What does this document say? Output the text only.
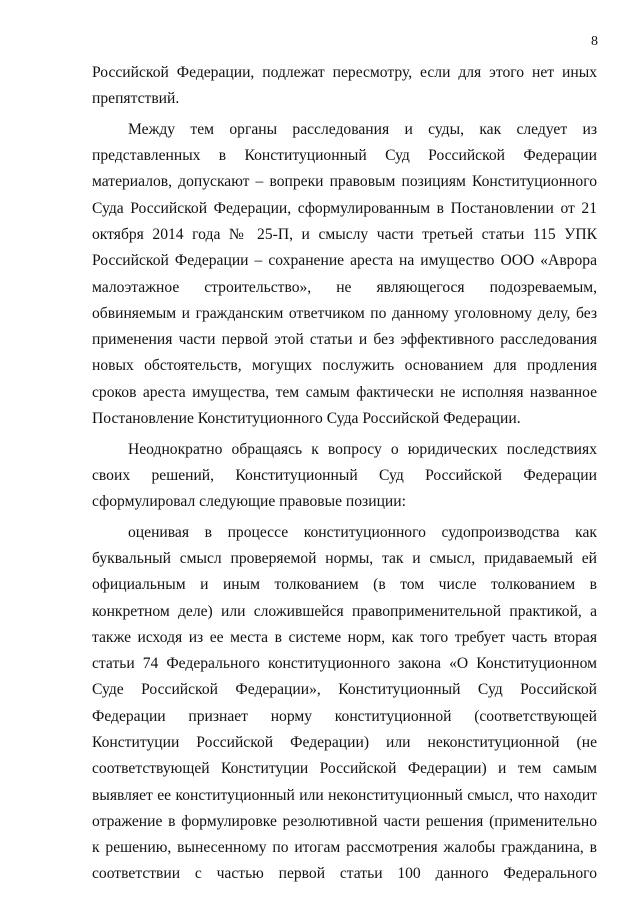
8
Российской Федерации, подлежат пересмотру, если для этого нет иных
препятствий.
Между тем органы расследования и суды, как следует из
представленных в Конституционный Суд Российской Федерации
материалов, допускают – вопреки правовым позициям Конституционного
Суда Российской Федерации, сформулированным в Постановлении от 21
октября 2014 года № 25-П, и смыслу части третьей статьи 115 УПК
Российской Федерации – сохранение ареста на имущество ООО «Аврора
малоэтажное строительство», не являющегося подозреваемым,
обвиняемым и гражданским ответчиком по данному уголовному делу, без
применения части первой этой статьи и без эффективного расследования
новых обстоятельств, могущих послужить основанием для продления
сроков ареста имущества, тем самым фактически не исполняя названное
Постановление Конституционного Суда Российской Федерации.
Неоднократно обращаясь к вопросу о юридических последствиях
своих решений, Конституционный Суд Российской Федерации
сформулировал следующие правовые позиции:
оценивая в процессе конституционного судопроизводства как
буквальный смысл проверяемой нормы, так и смысл, придаваемый ей
официальным и иным толкованием (в том числе толкованием в
конкретном деле) или сложившейся правоприменительной практикой, а
также исходя из ее места в системе норм, как того требует часть вторая
статьи 74 Федерального конституционного закона «О Конституционном
Суде Российской Федерации», Конституционный Суд Российской
Федерации признает норму конституционной (соответствующей
Конституции Российской Федерации) или неконституционной (не
соответствующей Конституции Российской Федерации) и тем самым
выявляет ее конституционный или неконституционный смысл, что находит
отражение в формулировке резолютивной части решения (применительно
к решению, вынесенному по итогам рассмотрения жалобы гражданина, в
соответствии с частью первой статьи 100 данного Федерального
